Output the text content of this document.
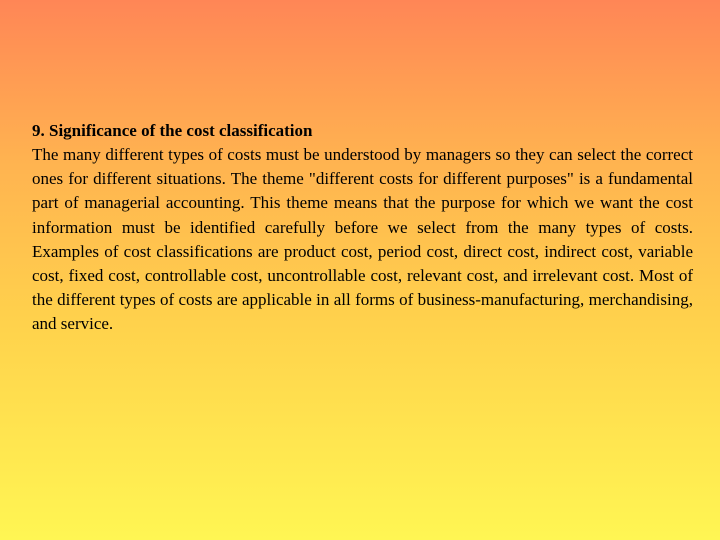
9. Significance of the cost classification

The many different types of costs must be understood by managers so they can select the correct ones for different situations. The theme "different costs for different purposes" is a fundamental part of managerial accounting. This theme means that the purpose for which we want the cost information must be identified carefully before we select from the many types of costs. Examples of cost classifications are product cost, period cost, direct cost, indirect cost, variable cost, fixed cost, controllable cost, uncontrollable cost, relevant cost, and irrelevant cost. Most of the different types of costs are applicable in all forms of business-manufacturing, merchandising, and service.
